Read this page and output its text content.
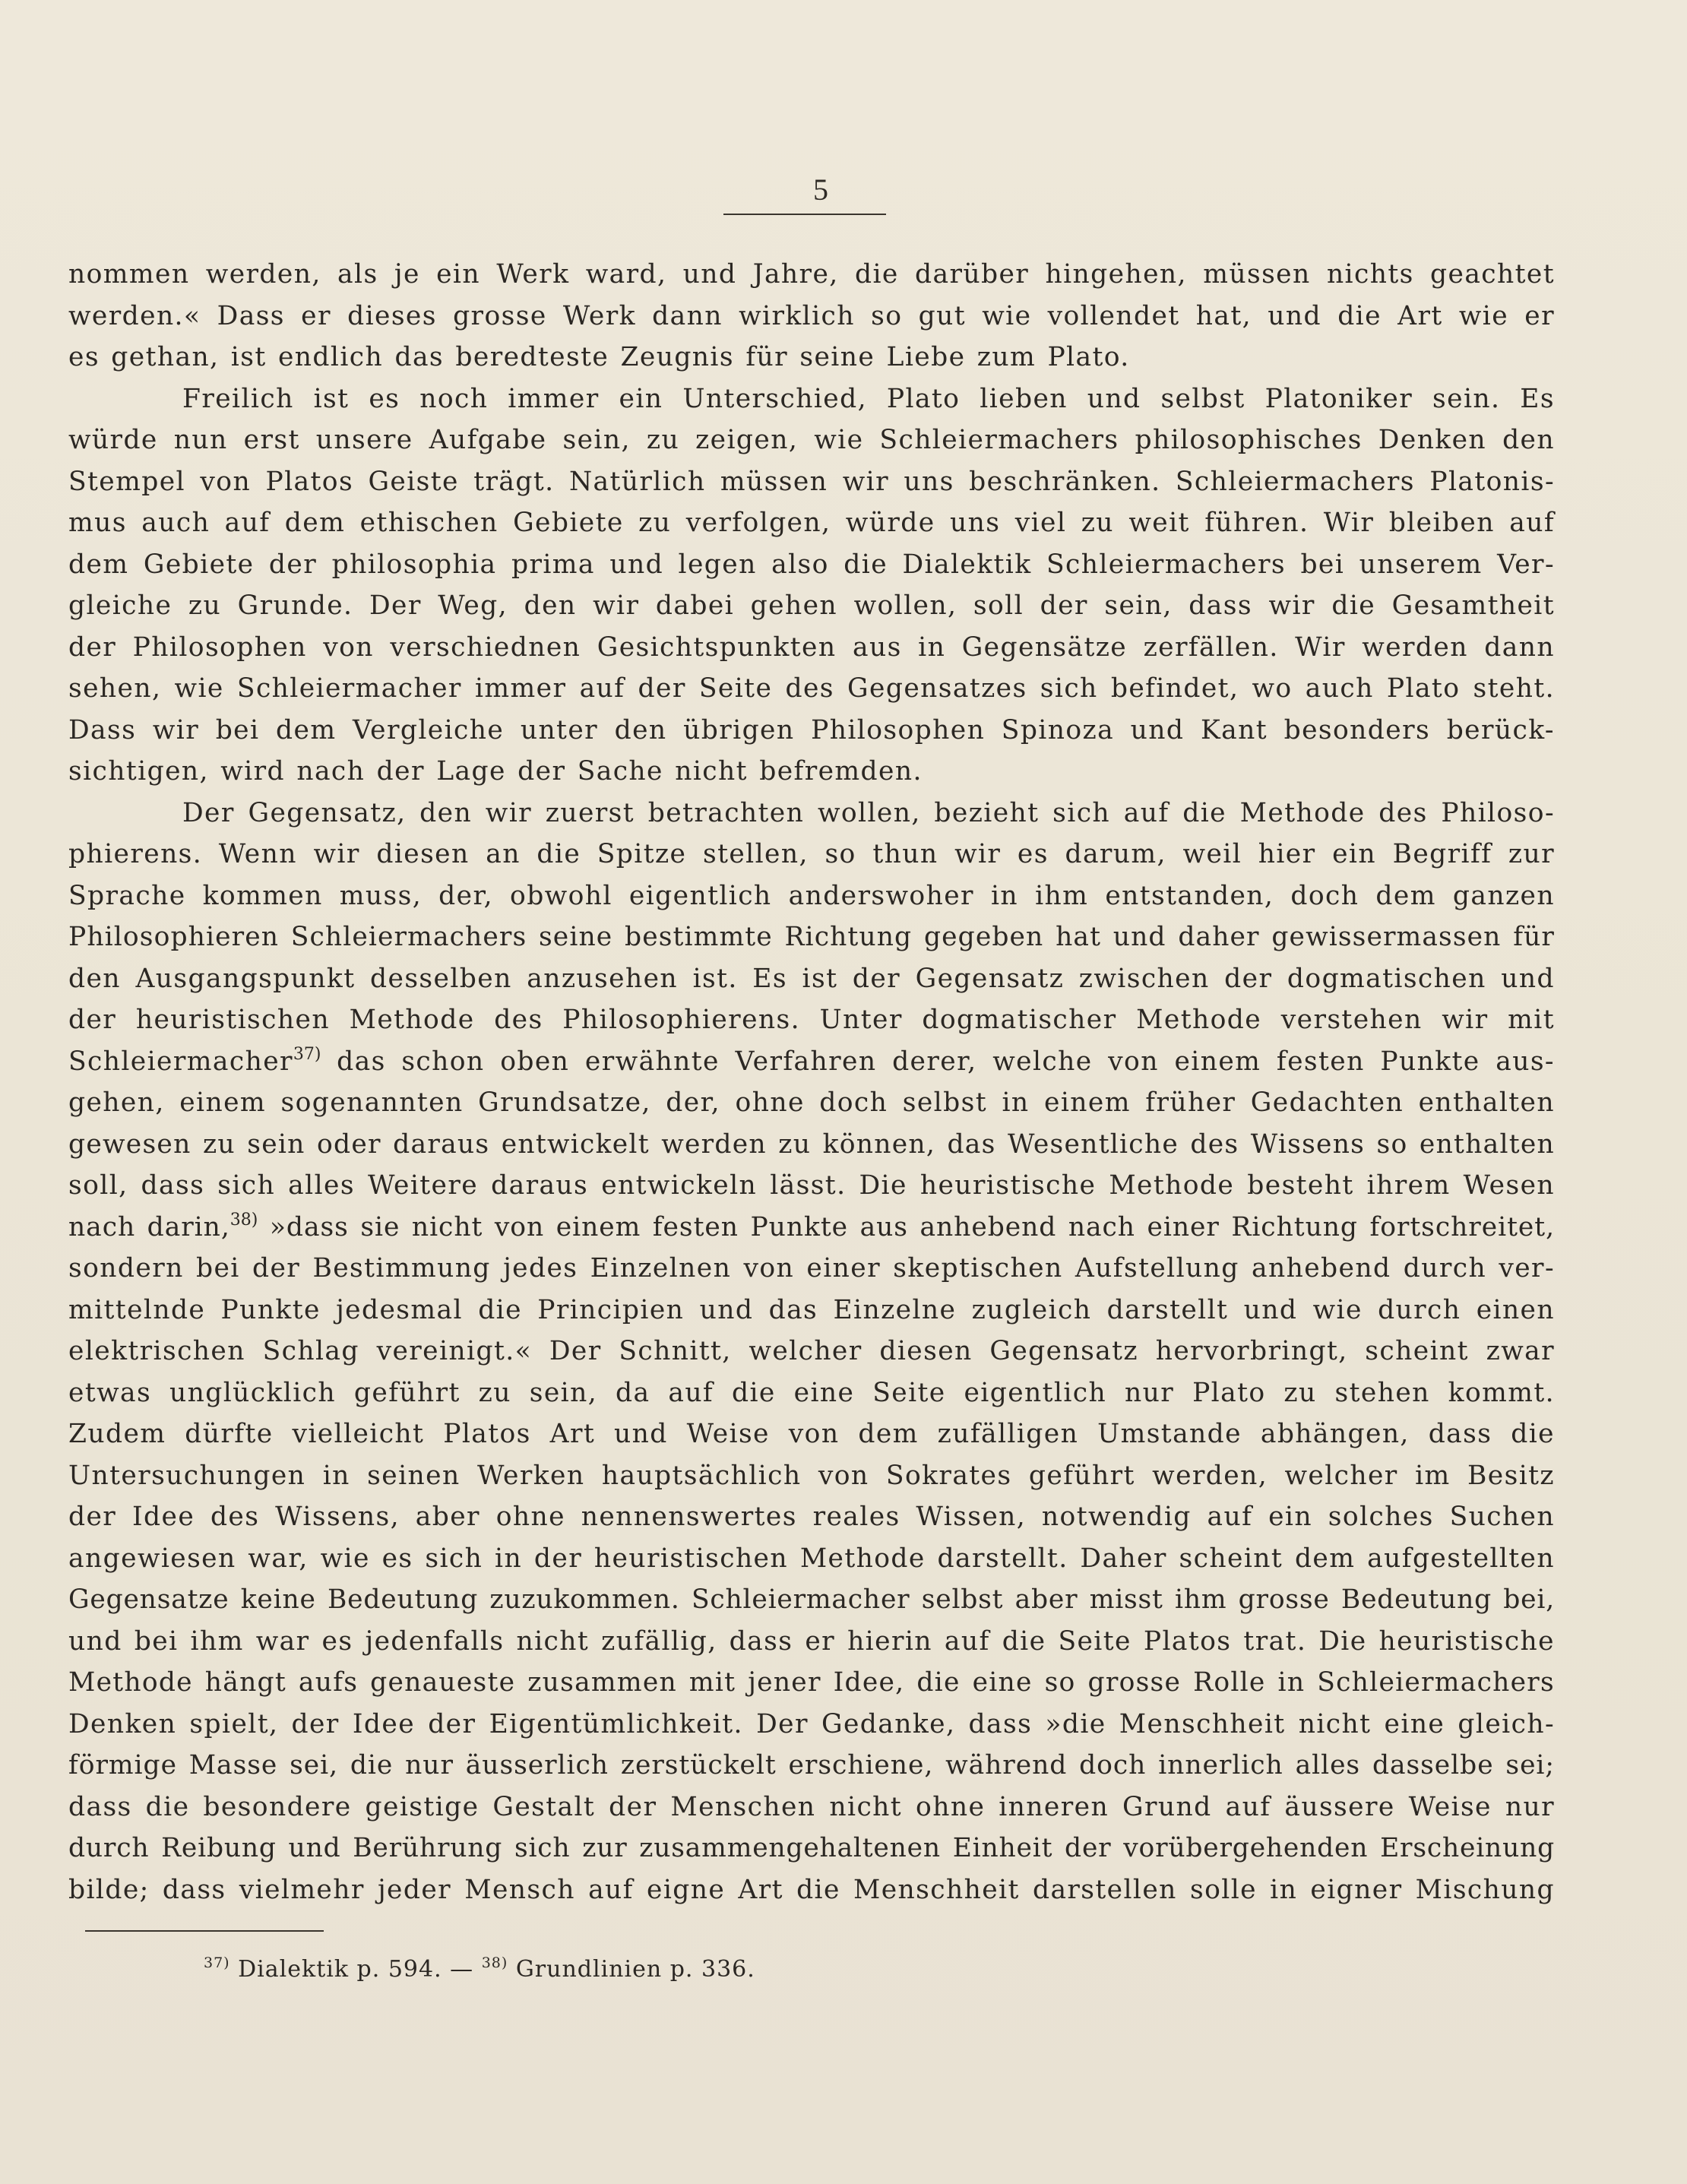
5
nommen werden, als je ein Werk ward, und Jahre, die darüber hingehen, müssen nichts geachtet
werden.« Dass er dieses grosse Werk dann wirklich so gut wie vollendet hat, und die Art wie er
es gethan, ist endlich das beredteste Zeugnis für seine Liebe zum Plato.
Freilich ist es noch immer ein Unterschied, Plato lieben und selbst Platoniker sein. Es
würde nun erst unsere Aufgabe sein, zu zeigen, wie Schleiermachers philosophisches Denken den
Stempel von Platos Geiste trägt. Natürlich müssen wir uns beschränken. Schleiermachers Platonis-
mus auch auf dem ethischen Gebiete zu verfolgen, würde uns viel zu weit führen. Wir bleiben auf
dem Gebiete der philosophia prima und legen also die Dialektik Schleiermachers bei unserem Ver-
gleiche zu Grunde. Der Weg, den wir dabei gehen wollen, soll der sein, dass wir die Gesamtheit
der Philosophen von verschiednen Gesichtspunkten aus in Gegensätze zerfällen. Wir werden dann
sehen, wie Schleiermacher immer auf der Seite des Gegensatzes sich befindet, wo auch Plato steht.
Dass wir bei dem Vergleiche unter den übrigen Philosophen Spinoza und Kant besonders berück-
sichtigen, wird nach der Lage der Sache nicht befremden.
Der Gegensatz, den wir zuerst betrachten wollen, bezieht sich auf die Methode des Philoso-
phierens. Wenn wir diesen an die Spitze stellen, so thun wir es darum, weil hier ein Begriff zur
Sprache kommen muss, der, obwohl eigentlich anderswoher in ihm entstanden, doch dem ganzen
Philosophieren Schleiermachers seine bestimmte Richtung gegeben hat und daher gewissermassen für
den Ausgangspunkt desselben anzusehen ist. Es ist der Gegensatz zwischen der dogmatischen und
der heuristischen Methode des Philosophierens. Unter dogmatischer Methode verstehen wir mit
Schleiermacher$^{37)}$ das schon oben erwähnte Verfahren derer, welche von einem festen Punkte aus-
gehen, einem sogenannten Grundsatze, der, ohne doch selbst in einem früher Gedachten enthalten
gewesen zu sein oder daraus entwickelt werden zu können, das Wesentliche des Wissens so enthalten
soll, dass sich alles Weitere daraus entwickeln lässt. Die heuristische Methode besteht ihrem Wesen
nach darin,$^{38)}$ »dass sie nicht von einem festen Punkte aus anhebend nach einer Richtung fortschreitet,
sondern bei der Bestimmung jedes Einzelnen von einer skeptischen Aufstellung anhebend durch ver-
mittelnde Punkte jedesmal die Principien und das Einzelne zugleich darstellt und wie durch einen
elektrischen Schlag vereinigt.« Der Schnitt, welcher diesen Gegensatz hervorbringt, scheint zwar
etwas unglücklich geführt zu sein, da auf die eine Seite eigentlich nur Plato zu stehen kommt.
Zudem dürfte vielleicht Platos Art und Weise von dem zufälligen Umstande abhängen, dass die
Untersuchungen in seinen Werken hauptsächlich von Sokrates geführt werden, welcher im Besitz
der Idee des Wissens, aber ohne nennenswertes reales Wissen, notwendig auf ein solches Suchen
angewiesen war, wie es sich in der heuristischen Methode darstellt. Daher scheint dem aufgestellten
Gegensatze keine Bedeutung zuzukommen. Schleiermacher selbst aber misst ihm grosse Bedeutung bei,
und bei ihm war es jedenfalls nicht zufällig, dass er hierin auf die Seite Platos trat. Die heuristische
Methode hängt aufs genaueste zusammen mit jener Idee, die eine so grosse Rolle in Schleiermachers
Denken spielt, der Idee der Eigentümlichkeit. Der Gedanke, dass »die Menschheit nicht eine gleich-
förmige Masse sei, die nur äusserlich zerstückelt erschiene, während doch innerlich alles dasselbe sei;
dass die besondere geistige Gestalt der Menschen nicht ohne inneren Grund auf äussere Weise nur
durch Reibung und Berührung sich zur zusammengehaltenen Einheit der vorübergehenden Erscheinung
bilde; dass vielmehr jeder Mensch auf eigne Art die Menschheit darstellen solle in eigner Mischung
$^{37)}$ Dialektik p. 594. — $^{38)}$ Grundlinien p. 336.
